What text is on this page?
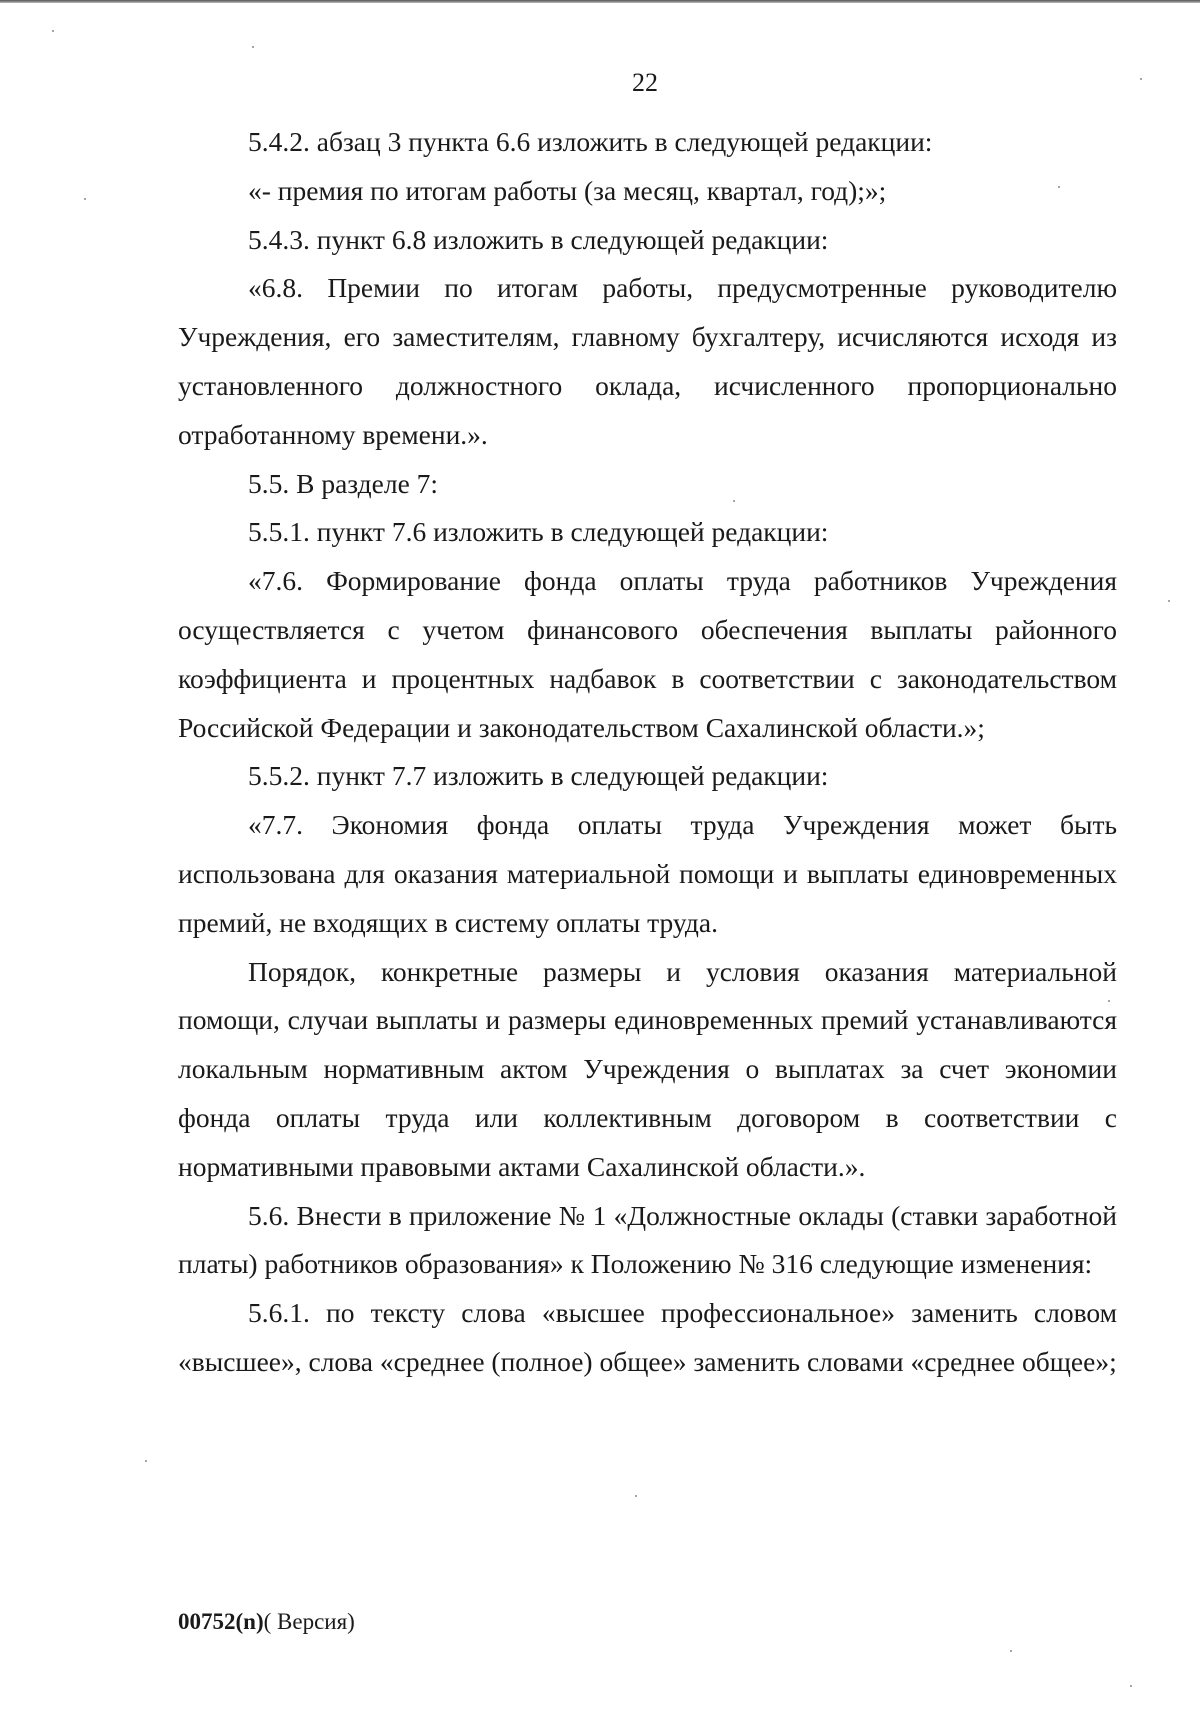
22

5.4.2. абзац 3 пункта 6.6 изложить в следующей редакции:

«- премия по итогам работы (за месяц, квартал, год);»;

5.4.3. пункт 6.8 изложить в следующей редакции:

«6.8. Премии по итогам работы, предусмотренные руководителю Учреждения, его заместителям, главному бухгалтеру, исчисляются исходя из установленного должностного оклада, исчисленного пропорционально отработанному времени.».

5.5. В разделе 7:

5.5.1. пункт 7.6 изложить в следующей редакции:

«7.6. Формирование фонда оплаты труда работников Учреждения осуществляется с учетом финансового обеспечения выплаты районного коэффициента и процентных надбавок в соответствии с законодательством Российской Федерации и законодательством Сахалинской области.»;

5.5.2. пункт 7.7 изложить в следующей редакции:

«7.7. Экономия фонда оплаты труда Учреждения может быть использована для оказания материальной помощи и выплаты единовременных премий, не входящих в систему оплаты труда.

Порядок, конкретные размеры и условия оказания материальной помощи, случаи выплаты и размеры единовременных премий устанавливаются локальным нормативным актом Учреждения о выплатах за счет экономии фонда оплаты труда или коллективным договором в соответствии с нормативными правовыми актами Сахалинской области.».

5.6. Внести в приложение № 1 «Должностные оклады (ставки заработной платы) работников образования» к Положению № 316 следующие изменения:

5.6.1. по тексту слова «высшее профессиональное» заменить словом «высшее», слова «среднее (полное) общее» заменить словами «среднее общее»;

00752(n)( Версия)
